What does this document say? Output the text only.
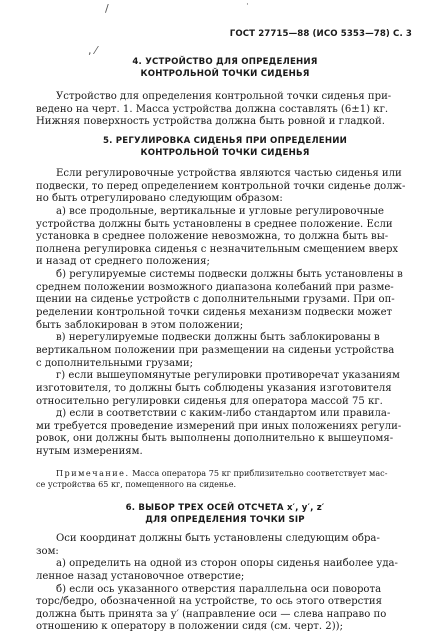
/
, ⁄
·
ГОСТ 27715—88 (ИСО 5353—78) С. 3
4. УСТРОЙСТВО ДЛЯ ОПРЕДЕЛЕНИЯ
КОНТРОЛЬНОЙ ТОЧКИ СИДЕНЬЯ
Устройство для определения контрольной точки сиденья при-
ведено на черт. 1. Масса устройства должна составлять (6±1) кг.
Нижняя поверхность устройства должна быть ровной и гладкой.
5. РЕГУЛИРОВКА СИДЕНЬЯ ПРИ ОПРЕДЕЛЕНИИ
КОНТРОЛЬНОЙ ТОЧКИ СИДЕНЬЯ
Если регулировочные устройства являются частью сиденья или
подвески, то перед определением контрольной точки сиденье долж-
но быть отрегулировано следующим образом:
а) все продольные, вертикальные и угловые регулировочные
устройства должны быть установлены в среднее положение. Если
установка в среднее положение невозможна, то должна быть вы-
полнена регулировка сиденья с незначительным смещением вверх
и назад от среднего положения;
б) регулируемые системы подвески должны быть установлены в
среднем положении возможного диапазона колебаний при разме-
щении на сиденье устройств с дополнительными грузами. При оп-
ределении контрольной точки сиденья механизм подвески может
быть заблокирован в этом положении;
в) нерегулируемые подвески должны быть заблокированы в
вертикальном положении при размещении на сиденьи устройства
с дополнительными грузами;
г) если вышеупомянутые регулировки противоречат указаниям
изготовителя, то должны быть соблюдены указания изготовителя
относительно регулировки сиденья для оператора массой 75 кг.
д) если в соответствии с каким-либо стандартом или правила-
ми требуется проведение измерений при иных положениях регули-
ровок, они должны быть выполнены дополнительно к вышеупомя-
нутым измерениям.
Примечание. Масса оператора 75 кг приблизительно соответствует мас-
се устройства 65 кг, помещенного на сиденье.
6. ВЫБОР ТРЕХ ОСЕЙ ОТСЧЕТА x′, y′, z′
ДЛЯ ОПРЕДЕЛЕНИЯ ТОЧКИ SIP
Оси координат должны быть установлены следующим обра-
зом:
а) определить на одной из сторон опоры сиденья наиболее уда-
ленное назад установочное отверстие;
б) если ось указанного отверстия параллельна оси поворота
торс/бедро, обозначенной на устройстве, то ось этого отверстия
должна быть принята за y′ (направление оси — слева направо по
отношению к оператору в положении сидя (см. черт. 2));
